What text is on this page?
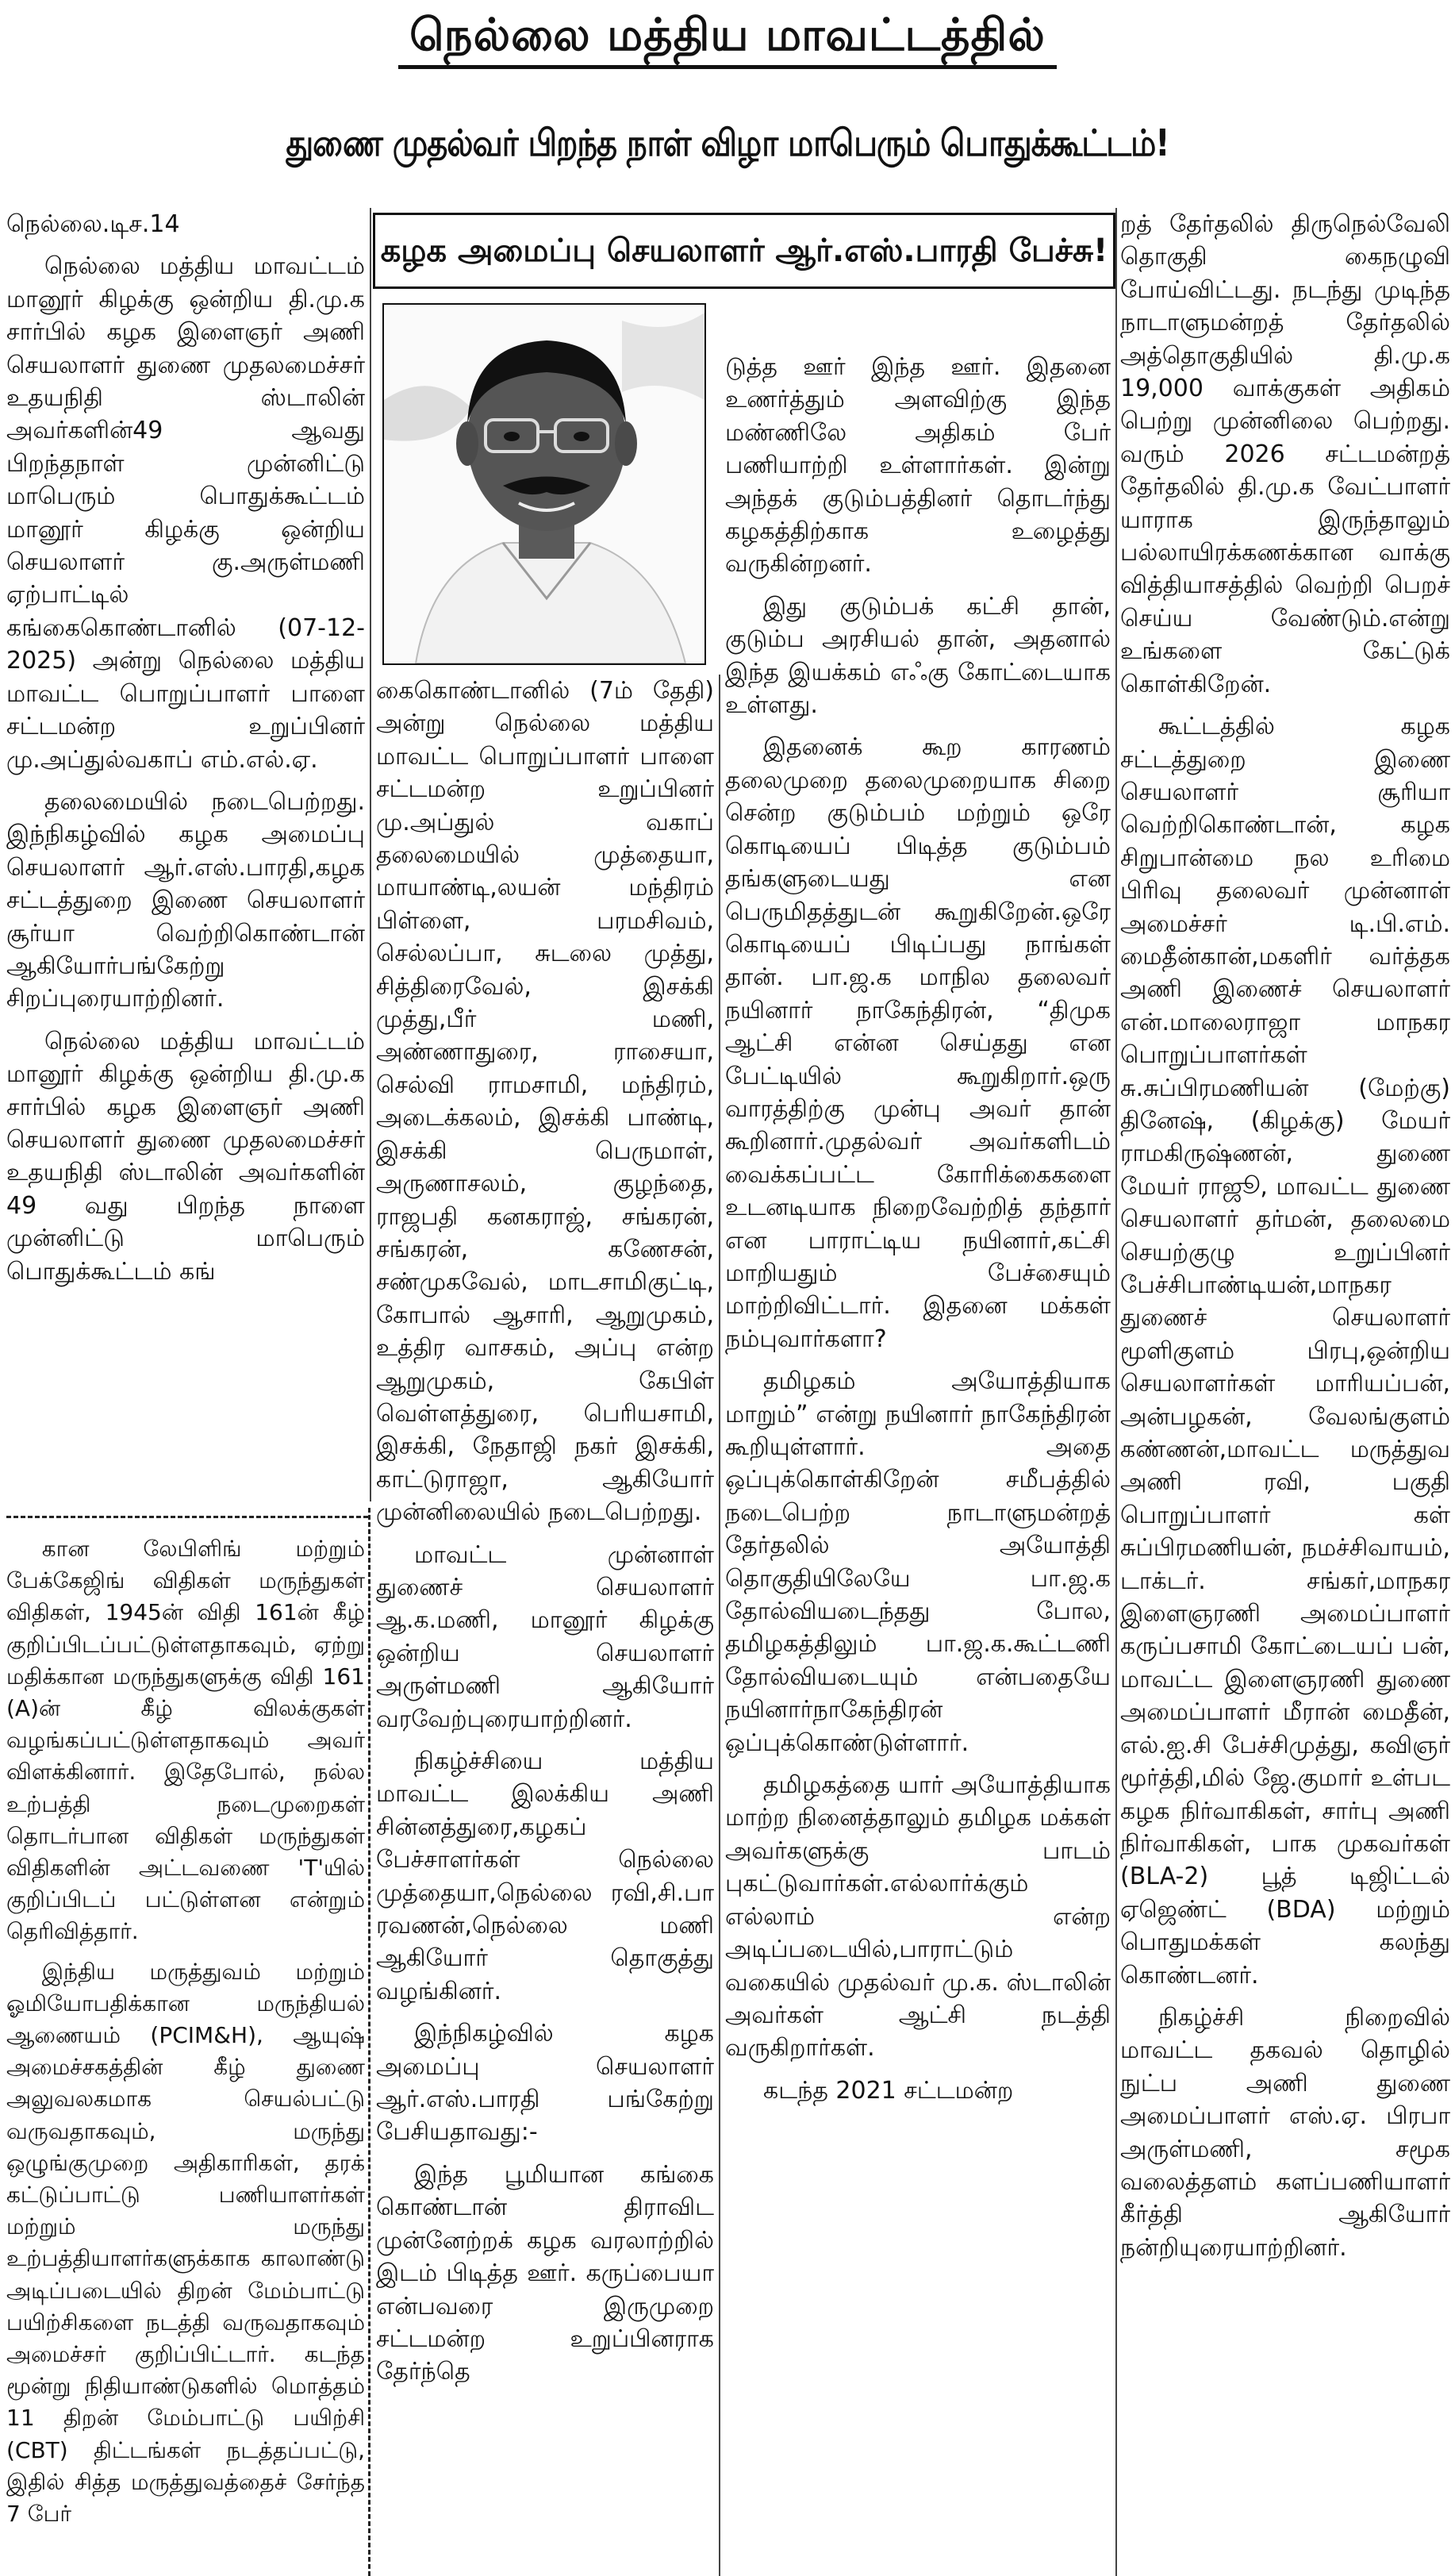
நெல்லை மத்திய மாவட்டத்தில்
துணை முதல்வர் பிறந்த நாள் விழா மாபெரும் பொதுக்கூட்டம்!

நெல்லை.டிச.14

நெல்லை மத்திய மாவட்டம் மானூர் கிழக்கு ஒன்றிய தி.மு.க சார்பில் கழக இளைஞர் அணி செயலாளர் துணை முதலமைச்சர் உதயநிதி ஸ்டாலின் அவர்களின்49 ஆவது பிறந்தநாள் முன்னிட்டு மாபெரும் பொதுக்கூட்டம் மானூர் கிழக்கு ஒன்றிய செயலாளர் கு.அருள்மணி ஏற்பாட்டில் கங்கைகொண்டானில் (07-12-2025) அன்று நெல்லை மத்திய மாவட்ட பொறுப்பாளர் பாளை சட்டமன்ற உறுப்பினர் மு.அப்துல்வகாப் எம்.எல்.ஏ.

தலைமையில் நடைபெற்றது. இந்நிகழ்வில் கழக அமைப்பு செயலாளர் ஆர்.எஸ்.பாரதி,கழக சட்டத்துறை இணை செயலாளர் சூர்யா வெற்றிகொண்டான் ஆகியோர்பங்கேற்று சிறப்புரையாற்றினர்.

நெல்லை மத்திய மாவட்டம் மானூர் கிழக்கு ஒன்றிய தி.மு.க சார்பில் கழக இளைஞர் அணி செயலாளர் துணை முதலமைச்சர் உதயநிதி ஸ்டாலின் அவர்களின் 49 வது பிறந்த நாளை முன்னிட்டு மாபெரும் பொதுக்கூட்டம் கங்

கான லேபிளிங் மற்றும் பேக்கேஜிங் விதிகள் மருந்துகள் விதிகள், 1945ன் விதி 161ன் கீழ் குறிப்பிடப்பட்டுள்ளதாகவும், ஏற்று மதிக்கான மருந்துகளுக்கு விதி 161 (A)ன் கீழ் விலக்குகள் வழங்கப்பட்டுள்ளதாகவும் அவர் விளக்கினார். இதேபோல், நல்ல உற்பத்தி நடைமுறைகள் தொடர்பான விதிகள் மருந்துகள் விதிகளின் அட்டவணை 'T'யில் குறிப்பிடப் பட்டுள்ளன என்றும் தெரிவித்தார்.

இந்திய மருத்துவம் மற்றும் ஓமியோபதிக்கான மருந்தியல் ஆணையம் (PCIM&H), ஆயுஷ் அமைச்சகத்தின் கீழ் துணை அலுவலகமாக செயல்பட்டு வருவதாகவும், மருந்து ஒழுங்குமுறை அதிகாரிகள், தரக் கட்டுப்பாட்டு பணியாளர்கள் மற்றும் மருந்து உற்பத்தியாளர்களுக்காக காலாண்டு அடிப்படையில் திறன் மேம்பாட்டு பயிற்சிகளை நடத்தி வருவதாகவும் அமைச்சர் குறிப்பிட்டார். கடந்த மூன்று நிதியாண்டுகளில் மொத்தம் 11 திறன் மேம்பாட்டு பயிற்சி (CBT) திட்டங்கள் நடத்தப்பட்டு, இதில் சித்த மருத்துவத்தைச் சேர்ந்த 7 பேர்

கழக அமைப்பு செயலாளர் ஆர்.எஸ்.பாரதி பேச்சு!

கைகொண்டானில் (7ம் தேதி) அன்று நெல்லை மத்திய மாவட்ட பொறுப்பாளர் பாளை சட்டமன்ற உறுப்பினர் மு.அப்துல் வகாப் தலைமையில் முத்தையா, மாயாண்டி,லயன் மந்திரம் பிள்ளை, பரமசிவம், செல்லப்பா, சுடலை முத்து, சித்திரைவேல், இசக்கி முத்து,பீர் மணி, அண்ணாதுரை, ராசையா, செல்வி ராமசாமி, மந்திரம், அடைக்கலம், இசக்கி பாண்டி, இசக்கி பெருமாள், அருணாசலம், குழந்தை, ராஜபதி கனகராஜ், சங்கரன், சங்கரன், கணேசன், சண்முகவேல், மாடசாமிகுட்டி, கோபால் ஆசாரி, ஆறுமுகம், உத்திர வாசகம், அப்பு என்ற ஆறுமுகம், கேபிள் வெள்ளத்துரை, பெரியசாமி, இசக்கி, நேதாஜி நகர் இசக்கி, காட்டுராஜா, ஆகியோர் முன்னிலையில் நடைபெற்றது.

மாவட்ட முன்னாள் துணைச் செயலாளர் ஆ.க.மணி, மானூர் கிழக்கு ஒன்றிய செயலாளர் அருள்மணி ஆகியோர் வரவேற்புரையாற்றினர்.

நிகழ்ச்சியை மத்திய மாவட்ட இலக்கிய அணி சின்னத்துரை,கழகப் பேச்சாளர்கள் நெல்லை முத்தையா,நெல்லை ரவி,சி.பா ரவணன்,நெல்லை மணி ஆகியோர் தொகுத்து வழங்கினர்.

இந்நிகழ்வில் கழக அமைப்பு செயலாளர் ஆர்.எஸ்.பாரதி பங்கேற்று பேசியதாவது:-

இந்த பூமியான கங்கை கொண்டான் திராவிட முன்னேற்றக் கழக வரலாற்றில் இடம் பிடித்த ஊர். கருப்பையா என்பவரை இருமுறை சட்டமன்ற உறுப்பினராக தேர்ந்தெ

டுத்த ஊர் இந்த ஊர். இதனை உணர்த்தும் அளவிற்கு இந்த மண்ணிலே அதிகம் பேர் பணியாற்றி உள்ளார்கள். இன்று அந்தக் குடும்பத்தினர் தொடர்ந்து கழகத்திற்காக உழைத்து வருகின்றனர்.

இது குடும்பக் கட்சி தான், குடும்ப அரசியல் தான், அதனால் இந்த இயக்கம் எஃகு கோட்டையாக உள்ளது.

இதனைக் கூற காரணம் தலைமுறை தலைமுறையாக சிறை சென்ற குடும்பம் மற்றும் ஒரே கொடியைப் பிடித்த குடும்பம் தங்களுடையது என பெருமிதத்துடன் கூறுகிறேன்.ஒரே கொடியைப் பிடிப்பது நாங்கள் தான். பா.ஜ.க மாநில தலைவர் நயினார் நாகேந்திரன், “திமுக ஆட்சி என்ன செய்தது என பேட்டியில் கூறுகிறார்.ஒரு வாரத்திற்கு முன்பு அவர் தான் கூறினார்.முதல்வர் அவர்களிடம் வைக்கப்பட்ட கோரிக்கைகளை உடனடியாக நிறைவேற்றித் தந்தார் என பாராட்டிய நயினார்,கட்சி மாறியதும் பேச்சையும் மாற்றிவிட்டார். இதனை மக்கள் நம்புவார்களா?

தமிழகம் அயோத்தியாக மாறும்” என்று நயினார் நாகேந்திரன் கூறியுள்ளார். அதை ஒப்புக்கொள்கிறேன் சமீபத்தில் நடைபெற்ற நாடாளுமன்றத் தேர்தலில் அயோத்தி தொகுதியிலேயே பா.ஜ.க தோல்வியடைந்தது போல, தமிழகத்திலும் பா.ஜ.க.கூட்டணி தோல்வியடையும் என்பதையே நயினார்நாகேந்திரன் ஒப்புக்கொண்டுள்ளார்.

தமிழகத்தை யார் அயோத்தியாக மாற்ற நினைத்தாலும் தமிழக மக்கள் அவர்களுக்கு பாடம் புகட்டுவார்கள்.எல்லார்க்கும் எல்லாம் என்ற அடிப்படையில்,பாராட்டும் வகையில் முதல்வர் மு.க. ஸ்டாலின் அவர்கள் ஆட்சி நடத்தி வருகிறார்கள்.

கடந்த 2021 சட்டமன்ற

றத் தேர்தலில் திருநெல்வேலி தொகுதி கைநழுவி போய்விட்டது. நடந்து முடிந்த நாடாளுமன்றத் தேர்தலில் அத்தொகுதியில் தி.மு.க 19,000 வாக்குகள் அதிகம் பெற்று முன்னிலை பெற்றது. வரும் 2026 சட்டமன்றத் தேர்தலில் தி.மு.க வேட்பாளர் யாராக இருந்தாலும் பல்லாயிரக்கணக்கான வாக்கு வித்தியாசத்தில் வெற்றி பெறச் செய்ய வேண்டும்.என்று உங்களை கேட்டுக் கொள்கிறேன்.

கூட்டத்தில் கழக சட்டத்துறை இணை செயலாளர் சூரியா வெற்றிகொண்டான், கழக சிறுபான்மை நல உரிமை பிரிவு தலைவர் முன்னாள் அமைச்சர் டி.பி.எம். மைதீன்கான்,மகளிர் வர்த்தக அணி இணைச் செயலாளர் என்.மாலைராஜா மாநகர பொறுப்பாளர்கள் சு.சுப்பிரமணியன் (மேற்கு) தினேஷ், (கிழக்கு) மேயர் ராமகிருஷ்ணன், துணை மேயர் ராஜூ, மாவட்ட துணை செயலாளர் தர்மன், தலைமை செயற்குழு உறுப்பினர் பேச்சிபாண்டியன்,மாநகர துணைச் செயலாளர் மூளிகுளம் பிரபு,ஒன்றிய செயலாளர்கள் மாரியப்பன், அன்பழகன், வேலங்குளம் கண்ணன்,மாவட்ட மருத்துவ அணி ரவி, பகுதி பொறுப்பாளர் கள் சுப்பிரமணியன், நமச்சிவாயம், டாக்டர். சங்கர்,மாநகர இளைஞரணி அமைப்பாளர் கருப்பசாமி கோட்டையப் பன், மாவட்ட இளைஞரணி துணை அமைப்பாளர் மீரான் மைதீன், எல்.ஐ.சி பேச்சிமுத்து, கவிஞர் மூர்த்தி,மில் ஜே.குமார் உள்பட கழக நிர்வாகிகள், சார்பு அணி நிர்வாகிகள், பாக முகவர்கள் (BLA-2) பூத் டிஜிட்டல் ஏஜெண்ட் (BDA) மற்றும் பொதுமக்கள் கலந்து கொண்டனர்.

நிகழ்ச்சி நிறைவில் மாவட்ட தகவல் தொழில் நுட்ப அணி துணை அமைப்பாளர் எஸ்.ஏ. பிரபா அருள்மணி, சமூக வலைத்தளம் களப்பணியாளர் கீர்த்தி ஆகியோர் நன்றியுரையாற்றினர்.
